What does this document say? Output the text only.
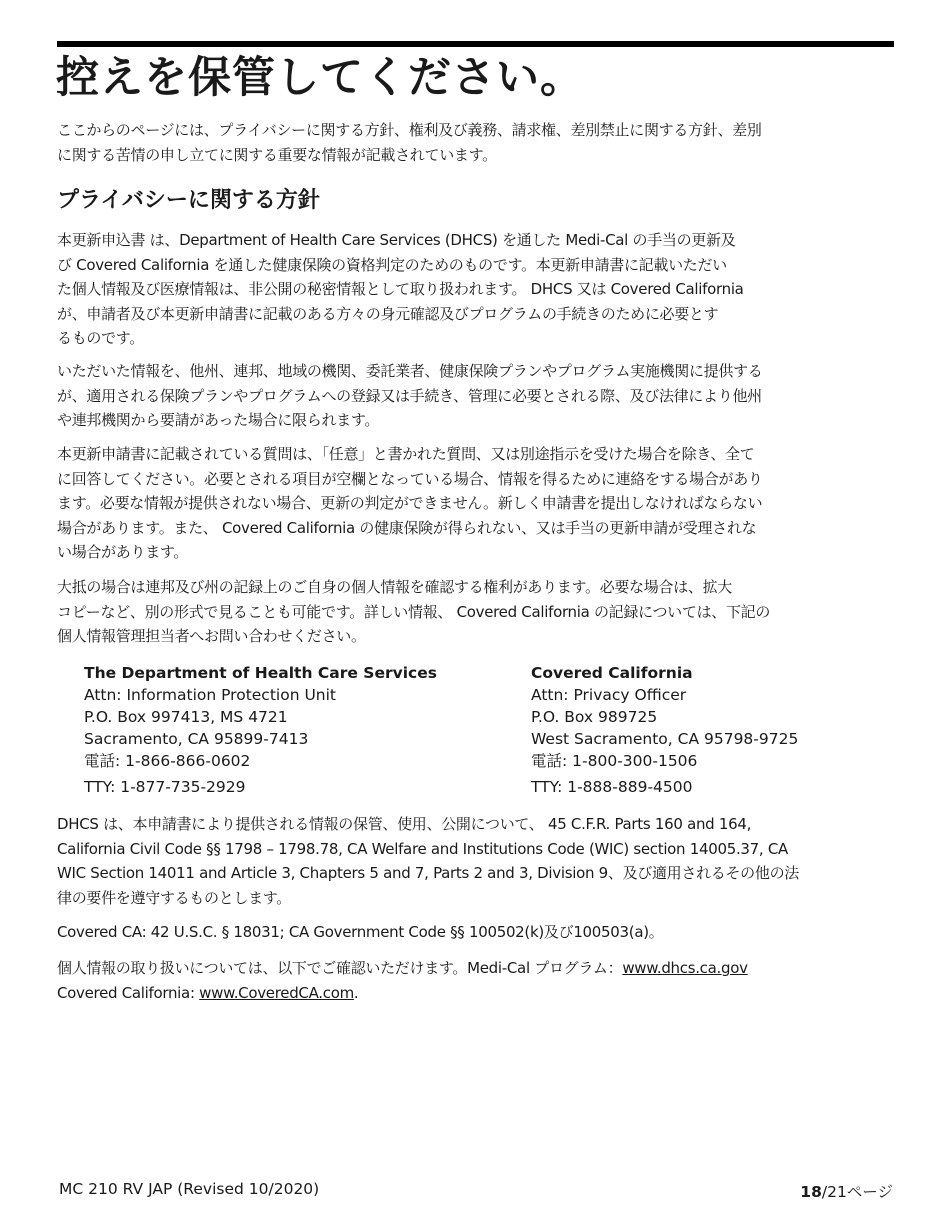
控えを保管してください。
ここからのページには、プライバシーに関する方針、権利及び義務、請求権、差別禁止に関する方針、差別
に関する苦情の申し立てに関する重要な情報が記載されています。
プライバシーに関する方針
本更新申込書 は、Department of Health Care Services (DHCS) を通した Medi-Cal の手当の更新及
び Covered California を通した健康保険の資格判定のためのものです。本更新申請書に記載いただい
た個人情報及び医療情報は、非公開の秘密情報として取り扱われます。 DHCS 又は Covered California
が、申請者及び本更新申請書に記載のある方々の身元確認及びプログラムの手続きのために必要とす
るものです。
いただいた情報を、他州、連邦、地域の機関、委託業者、健康保険プランやプログラム実施機関に提供する
が、適用される保険プランやプログラムへの登録又は手続き、管理に必要とされる際、及び法律により他州
や連邦機関から要請があった場合に限られます。
本更新申請書に記載されている質問は、「任意」と書かれた質問、又は別途指示を受けた場合を除き、全て
に回答してください。必要とされる項目が空欄となっている場合、情報を得るために連絡をする場合があり
ます。必要な情報が提供されない場合、更新の判定ができません。新しく申請書を提出しなければならない
場合があります。また、 Covered California の健康保険が得られない、又は手当の更新申請が受理されな
い場合があります。
大抵の場合は連邦及び州の記録上のご自身の個人情報を確認する権利があります。必要な場合は、拡大
コピーなど、別の形式で見ることも可能です。詳しい情報、 Covered California の記録については、下記の
個人情報管理担当者へお問い合わせください。
The Department of Health Care Services
Attn: Information Protection Unit
P.O. Box 997413, MS 4721
Sacramento, CA 95899-7413
電話: 1-866-866-0602
TTY: 1-877-735-2929
Covered California
Attn: Privacy Officer
P.O. Box 989725
West Sacramento, CA 95798-9725
電話: 1-800-300-1506
TTY: 1-888-889-4500
DHCS は、本申請書により提供される情報の保管、使用、公開について、 45 C.F.R. Parts 160 and 164,
California Civil Code §§ 1798 – 1798.78, CA Welfare and Institutions Code (WIC) section 14005.37, CA
WIC Section 14011 and Article 3, Chapters 5 and 7, Parts 2 and 3, Division 9、及び適用されるその他の法
律の要件を遵守するものとします。
Covered CA: 42 U.S.C. § 18031; CA Government Code §§ 100502(k)及び100503(a)。
個人情報の取り扱いについては、以下でご確認いただけます。Medi-Cal プログラム：www.dhcs.ca.gov
Covered California: www.CoveredCA.com.
MC 210 RV JAP (Revised 10/2020)	18/21ページ
